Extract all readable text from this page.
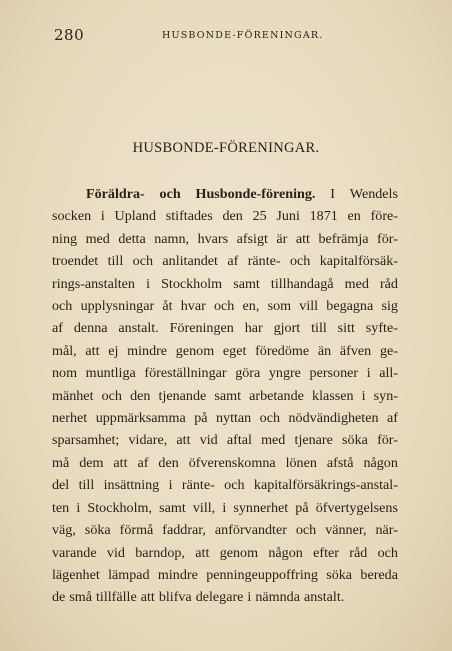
280	HUSBONDE-FÖRENINGAR.
HUSBONDE-FÖRENINGAR.
Föräldra- och Husbonde-förening. I Wendels
socken i Upland stiftades den 25 Juni 1871 en före-
ning med detta namn, hvars afsigt är att befrämja för-
troendet till och anlitandet af ränte- och kapitalförsäk-
rings-anstalten i Stockholm samt tillhandagå med råd
och upplysningar åt hvar och en, som vill begagna sig
af denna anstalt. Föreningen har gjort till sitt syfte-
mål, att ej mindre genom eget föredöme än äfven ge-
nom muntliga föreställningar göra yngre personer i all-
mänhet och den tjenande samt arbetande klassen i syn-
nerhet uppmärksamma på nyttan och nödvändigheten af
sparsamhet; vidare, att vid aftal med tjenare söka för-
må dem att af den öfverenskomna lönen afstå någon
del till insättning i ränte- och kapitalförsäkrings-anstal-
ten i Stockholm, samt vill, i synnerhet på öfvertygelsens
väg, söka förmå faddrar, anförvandter och vänner, när-
varande vid barndop, att genom någon efter råd och
lägenhet lämpad mindre penningeuppoffring söka bereda
de små tillfälle att blifva delegare i nämnda anstalt.
